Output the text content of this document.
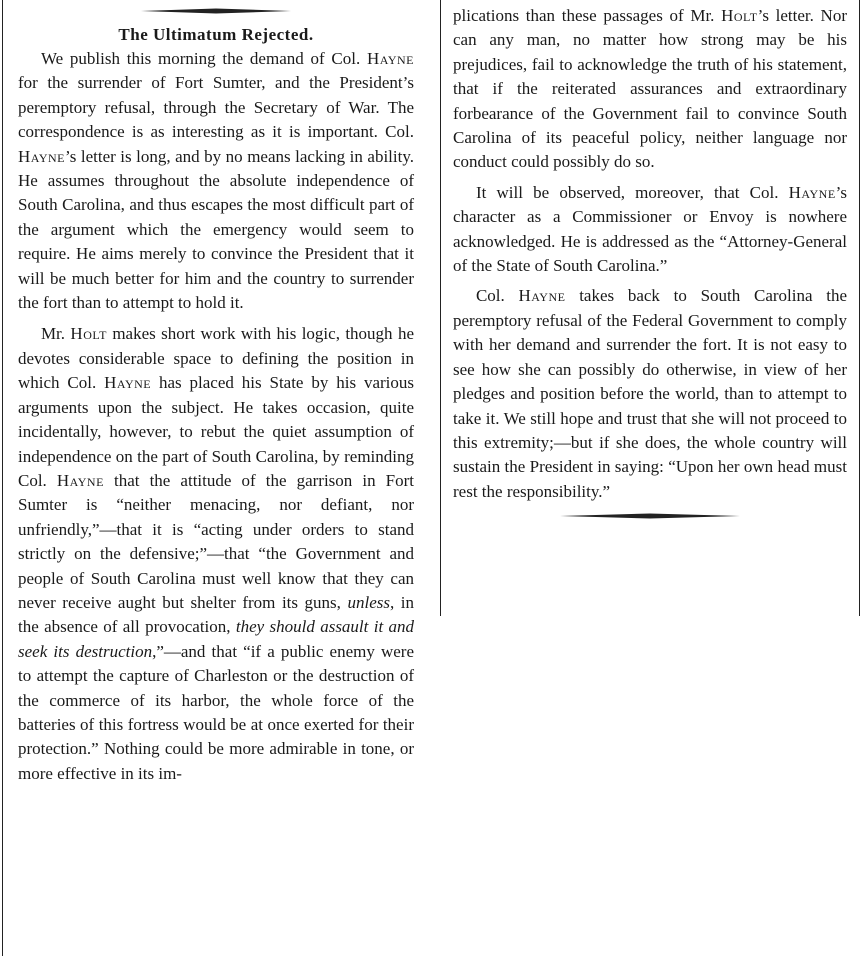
The Ultimatum Rejected.

We publish this morning the demand of Col. Hayne for the surrender of Fort Sumter, and the President’s peremptory refusal, through the Secretary of War. The correspondence is as interesting as it is important. Col. Hayne’s letter is long, and by no means lacking in ability. He assumes throughout the absolute independence of South Carolina, and thus escapes the most difficult part of the argument which the emergency would seem to require. He aims merely to convince the President that it will be much better for him and the country to surrender the fort than to attempt to hold it.

Mr. Holt makes short work with his logic, though he devotes considerable space to defining the position in which Col. Hayne has placed his State by his various arguments upon the subject. He takes occasion, quite incidentally, however, to rebut the quiet assumption of independence on the part of South Carolina, by reminding Col. Hayne that the attitude of the garrison in Fort Sumter is “neither menacing, nor defiant, nor unfriendly,”—that it is “acting under orders to stand strictly on the defensive;”—that “the Government and people of South Carolina must well know that they can never receive aught but shelter from its guns, unless, in the absence of all provocation, they should assault it and seek its destruction,”—and that “if a public enemy were to attempt the capture of Charleston or the destruction of the commerce of its harbor, the whole force of the batteries of this fortress would be at once exerted for their protection.” Nothing could be more admirable in tone, or more effective in its im-

plications than these passages of Mr. Holt’s letter. Nor can any man, no matter how strong may be his prejudices, fail to acknowledge the truth of his statement, that if the reiterated assurances and extraordinary forbearance of the Government fail to convince South Carolina of its peaceful policy, neither language nor conduct could possibly do so.

It will be observed, moreover, that Col. Hayne’s character as a Commissioner or Envoy is nowhere acknowledged. He is addressed as the “Attorney-General of the State of South Carolina.”

Col. Hayne takes back to South Carolina the peremptory refusal of the Federal Government to comply with her demand and surrender the fort. It is not easy to see how she can possibly do otherwise, in view of her pledges and position before the world, than to attempt to take it. We still hope and trust that she will not proceed to this extremity;—but if she does, the whole country will sustain the President in saying: “Upon her own head must rest the responsibility.”
